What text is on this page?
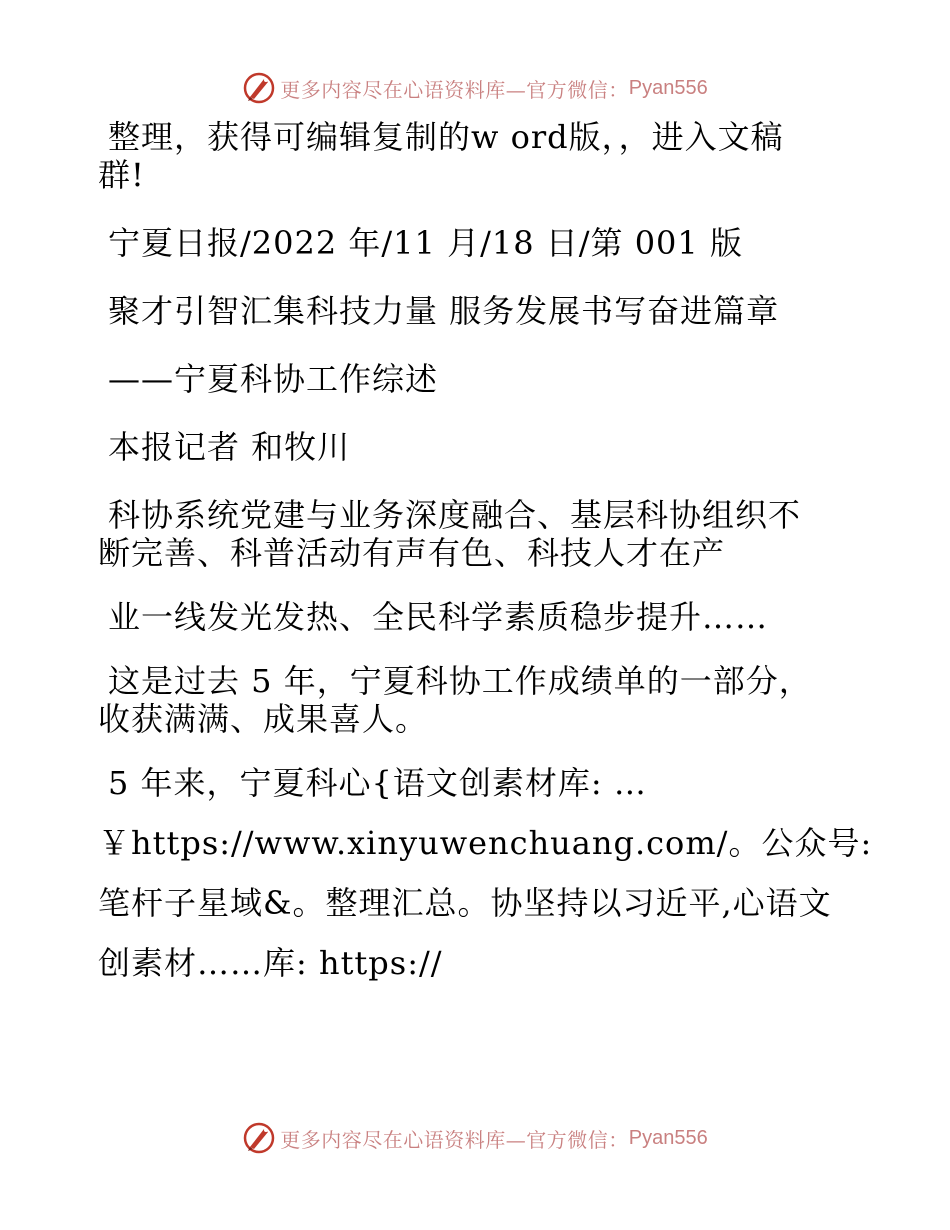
更多内容尽在心语资料库—官方微信： Pyan556

整理，获得可编辑复制的w ord版，，进入文稿

群!

宁夏日报/2022 年/11 月/18 日/第 001 版

聚才引智汇集科技力量 服务发展书写奋进篇章

——宁夏科协工作综述

本报记者 和牧川

科协系统党建与业务深度融合、基层科协组织不

断完善、科普活动有声有色、科技人才在产

业一线发光发热、全民科学素质稳步提升……

这是过去 5 年，宁夏科协工作成绩单的一部分，

收获满满、成果喜人。

5 年来，宁夏科心{语文创素材库: …

￥https://www.xinyuwenchuang.com/。公众号:

笔杆子星域&。整理汇总。协坚持以习近平,心语文

创素材……库: https://

更多内容尽在心语资料库—官方微信： Pyan556
